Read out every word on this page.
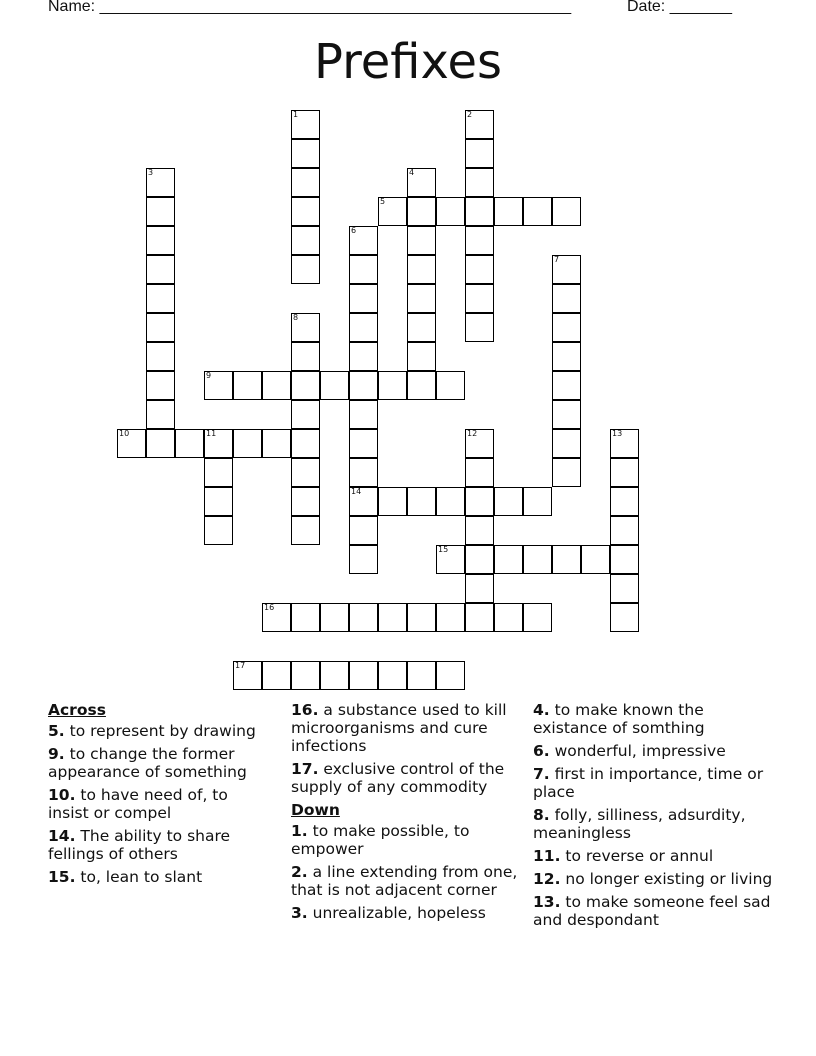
Name: _____________________________________________________	Date: _______
Prefixes
1	2
3	4
5
6
14
7
8
9
10	11	12	13
15
16
17
Across
5. to represent by drawing
9. to change the former appearance of something
10. to have need of, to insist or compel
14. The ability to share fellings of others
15. to, lean to slant
16. a substance used to kill microorganisms and cure infections
17. exclusive control of the supply of any commodity
Down
1. to make possible, to empower
2. a line extending from one, that is not adjacent corner
3. unrealizable, hopeless
4. to make known the existance of somthing
6. wonderful, impressive
7. first in importance, time or place
8. folly, silliness, adsurdity, meaningless
11. to reverse or annul
12. no longer existing or living
13. to make someone feel sad and despondant
